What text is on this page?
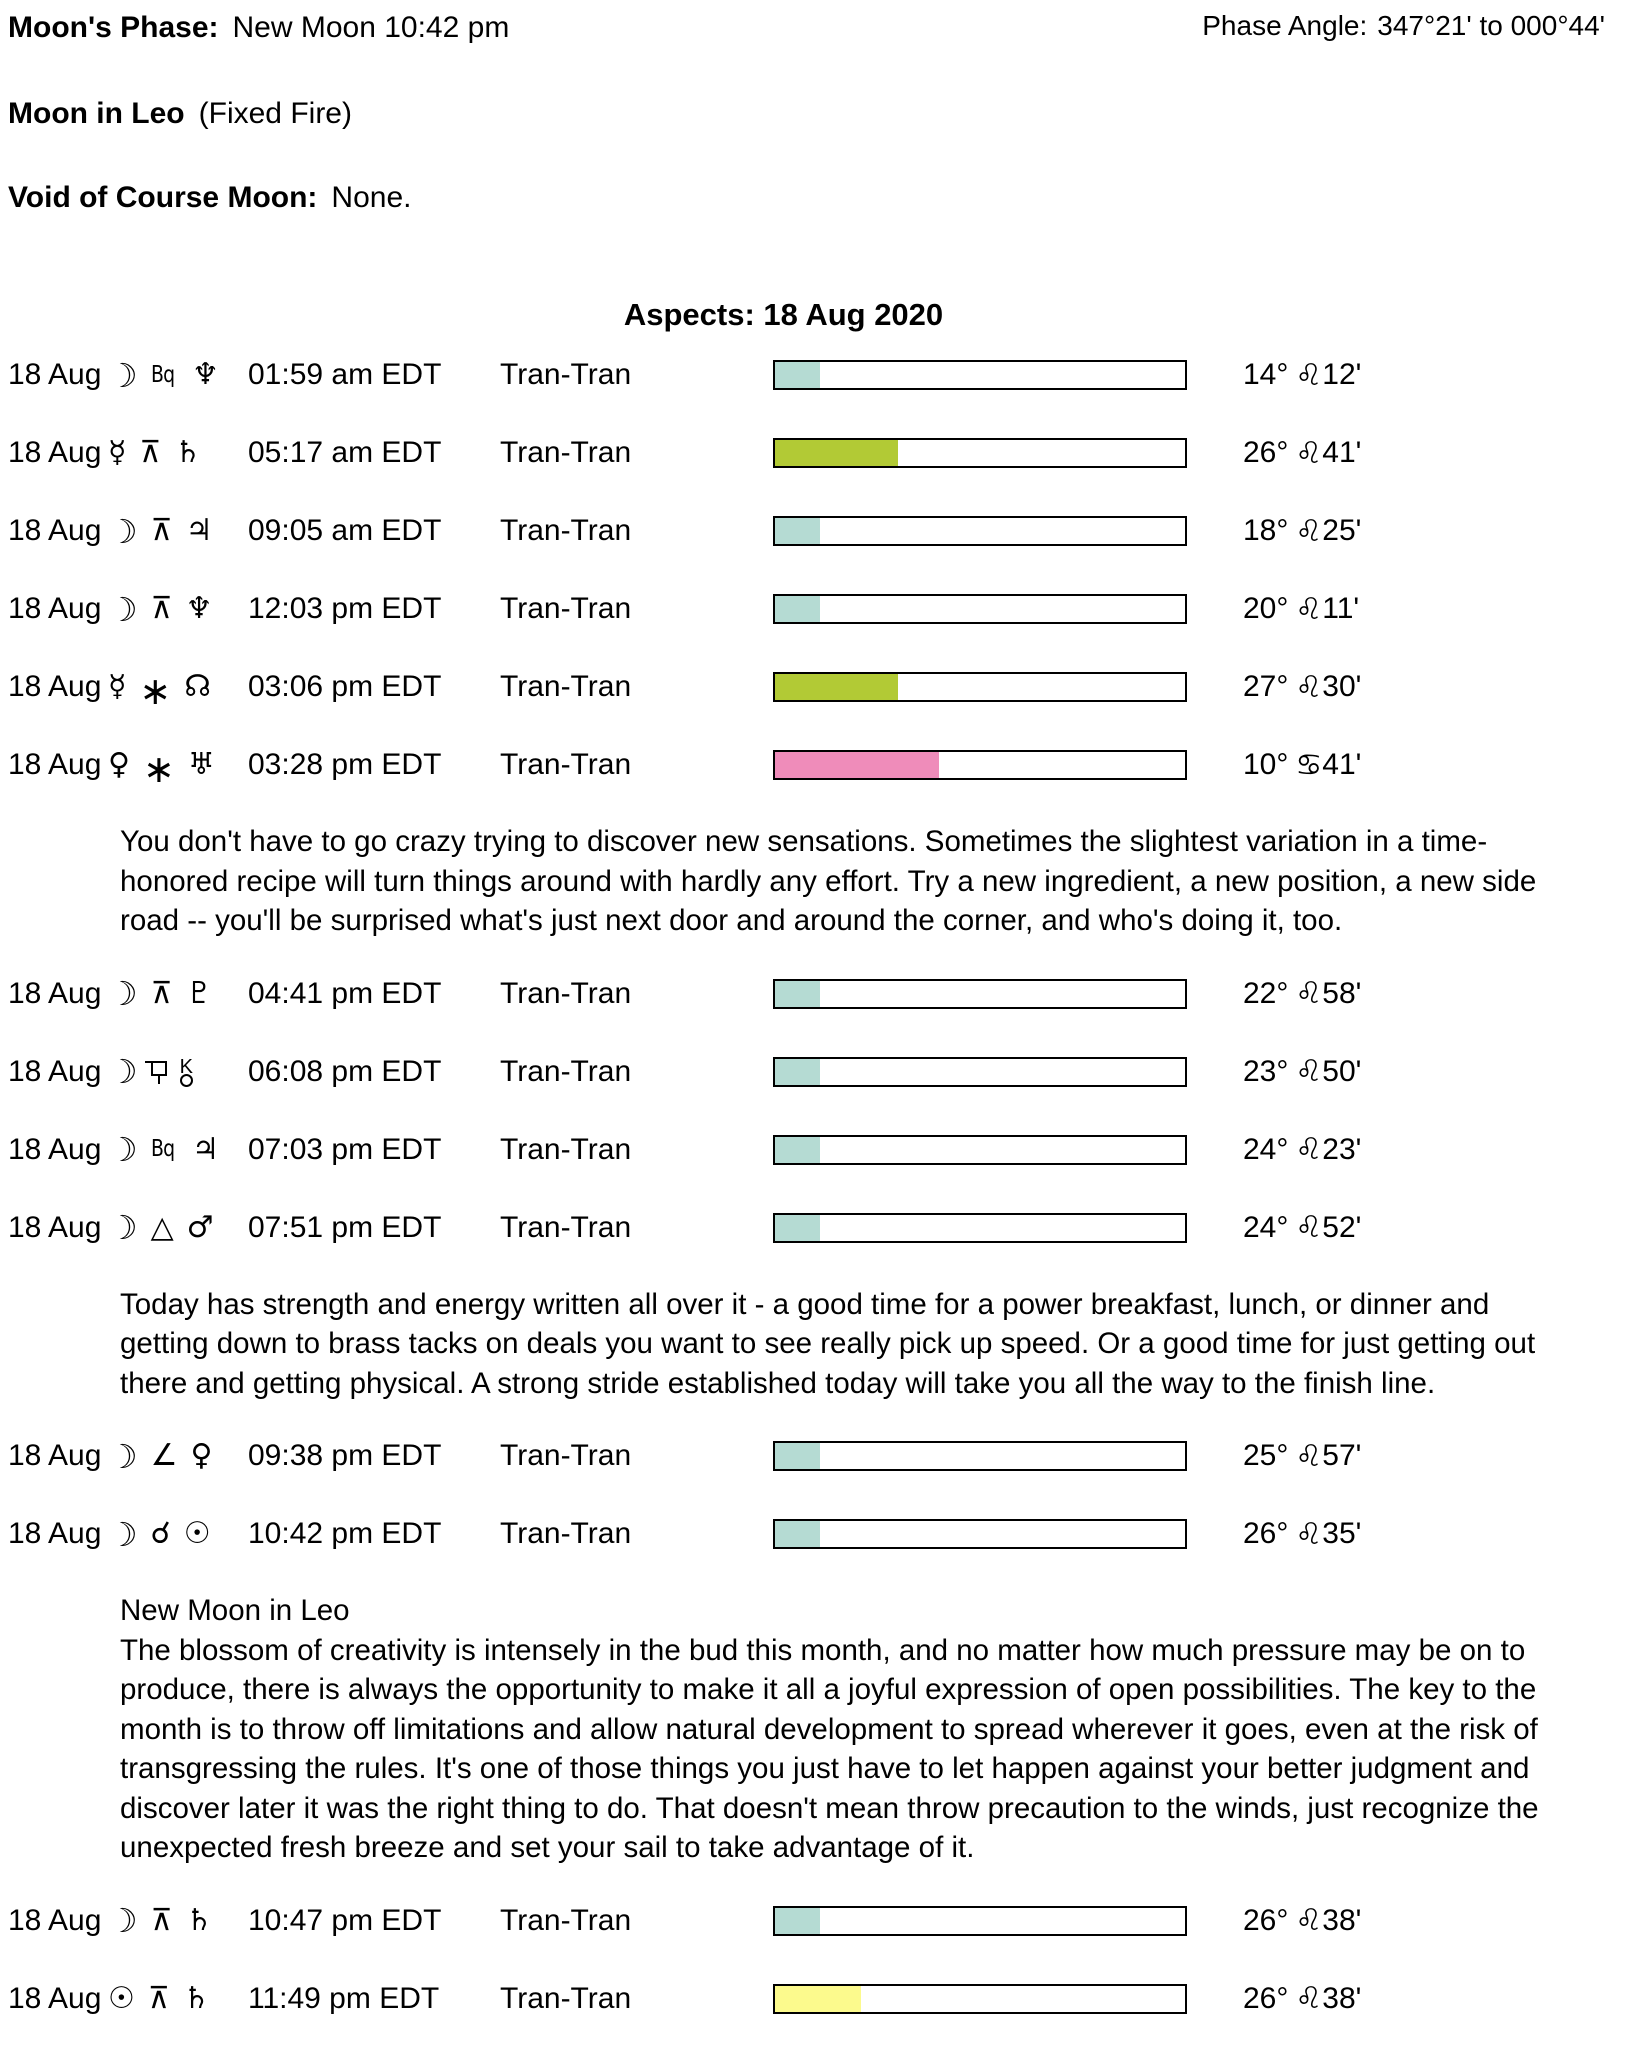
Moon's Phase: New Moon 10:42 pm	Phase Angle: 347°21' to 000°44'
Moon in Leo (Fixed Fire)
Void of Course Moon: None.
Aspects: 18 Aug 2020
18 Aug ☽ Bq ♆ 01:59 am EDT	Tran-Tran	14° ♌ 12'
18 Aug ☿ ⊼ ♄ 05:17 am EDT	Tran-Tran	26° ♌ 41'
18 Aug ☽ ⊼ ♃ 09:05 am EDT	Tran-Tran	18° ♌ 25'
18 Aug ☽ ⊼ ♆ 12:03 pm EDT	Tran-Tran	20° ♌ 11'
18 Aug ☿ ∗ ☊ 03:06 pm EDT	Tran-Tran	27° ♌ 30'
18 Aug ♀ ∗ ♅ 03:28 pm EDT	Tran-Tran	10° ♋ 41'
You don't have to go crazy trying to discover new sensations. Sometimes the slightest variation in a time-honored recipe will turn things around with hardly any effort. Try a new ingredient, a new position, a new side road -- you'll be surprised what's just next door and around the corner, and who's doing it, too.
18 Aug ☽ ⊼ ♇ 04:41 pm EDT	Tran-Tran	22° ♌ 58'
18 Aug ☽ K 06:08 pm EDT	Tran-Tran	23° ♌ 50'
18 Aug ☽ Bq ♃ 07:03 pm EDT	Tran-Tran	24° ♌ 23'
18 Aug ☽ △ ♂ 07:51 pm EDT	Tran-Tran	24° ♌ 52'
Today has strength and energy written all over it - a good time for a power breakfast, lunch, or dinner and getting down to brass tacks on deals you want to see really pick up speed. Or a good time for just getting out there and getting physical. A strong stride established today will take you all the way to the finish line.
18 Aug ☽ ∠ ♀ 09:38 pm EDT	Tran-Tran	25° ♌ 57'
18 Aug ☽ ☌ ☉ 10:42 pm EDT	Tran-Tran	26° ♌ 35'
New Moon in Leo
The blossom of creativity is intensely in the bud this month, and no matter how much pressure may be on to produce, there is always the opportunity to make it all a joyful expression of open possibilities. The key to the month is to throw off limitations and allow natural development to spread wherever it goes, even at the risk of transgressing the rules. It's one of those things you just have to let happen against your better judgment and discover later it was the right thing to do. That doesn't mean throw precaution to the winds, just recognize the unexpected fresh breeze and set your sail to take advantage of it.
18 Aug ☽ ⊼ ♄ 10:47 pm EDT	Tran-Tran	26° ♌ 38'
18 Aug ☉ ⊼ ♄ 11:49 pm EDT	Tran-Tran	26° ♌ 38'
